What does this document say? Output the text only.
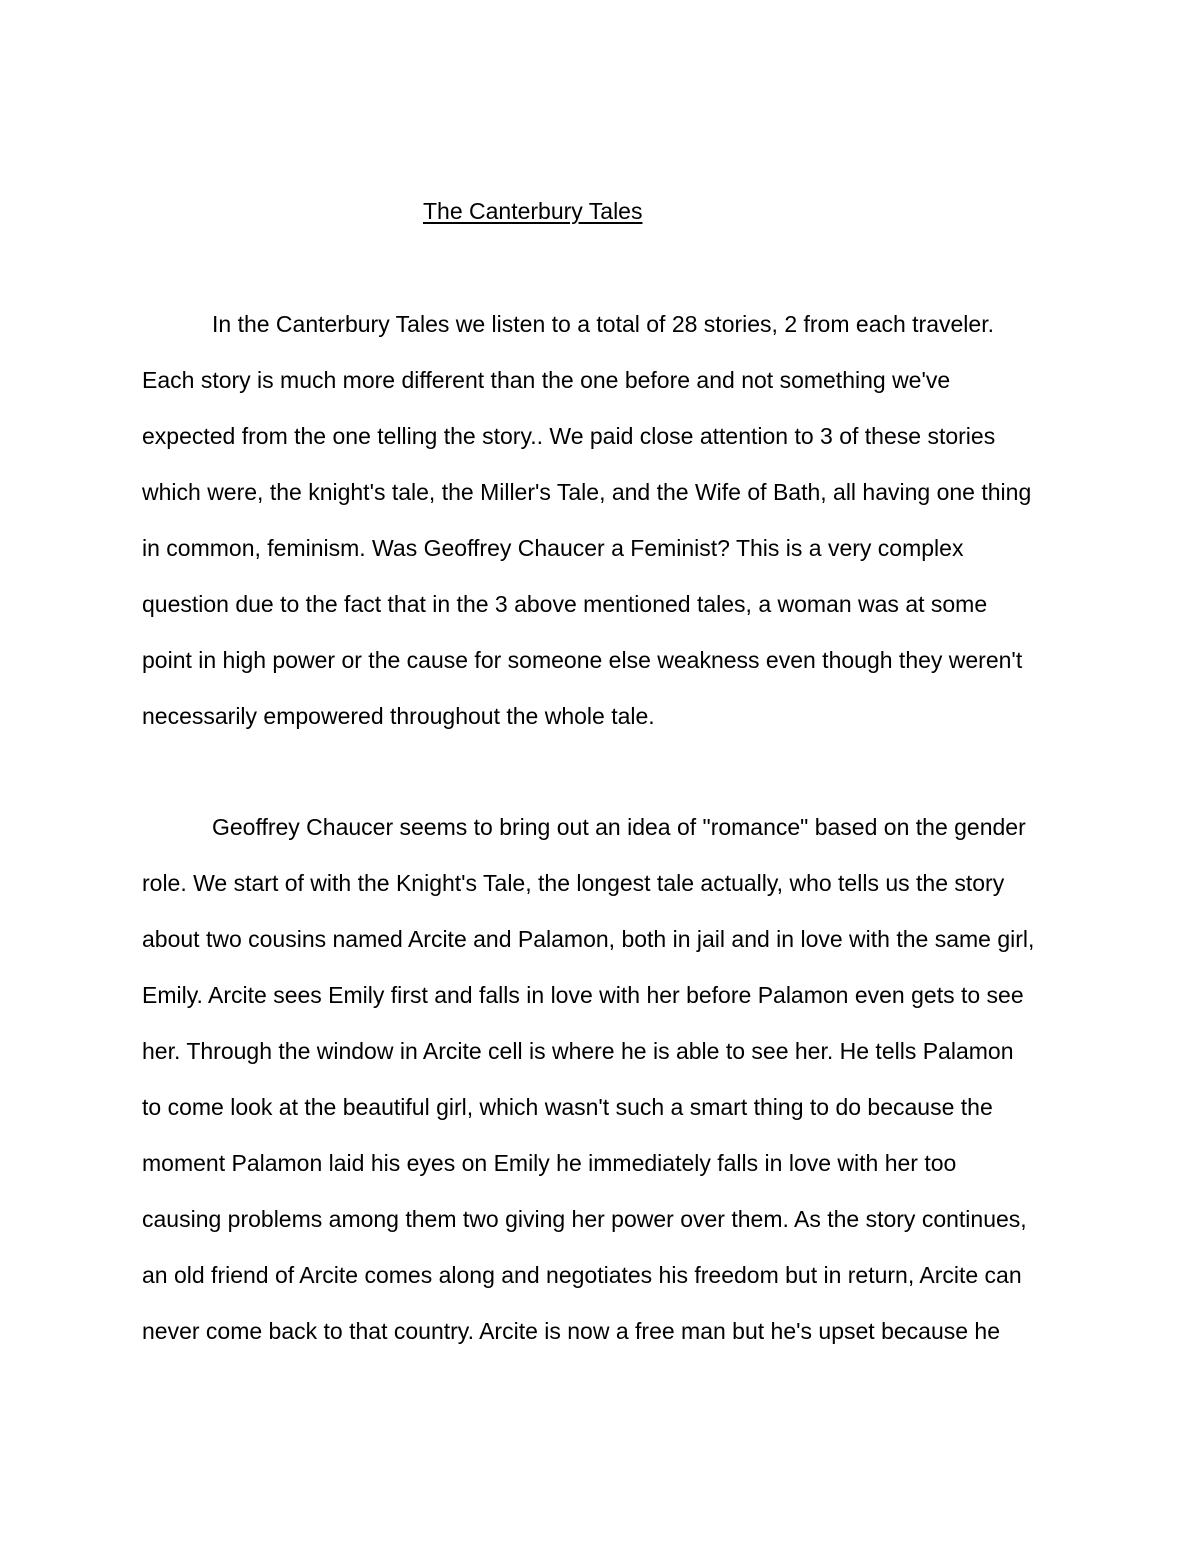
The Canterbury Tales
In the Canterbury Tales we listen to a total of 28 stories, 2 from each traveler.
Each story is much more different than the one before and not something we've
expected from the one telling the story.. We paid close attention to 3 of these stories
which were, the knight's tale, the Miller's Tale, and the Wife of Bath, all having one thing
in common, feminism. Was Geoffrey Chaucer a Feminist? This is a very complex
question due to the fact that in the 3 above mentioned tales, a woman was at some
point in high power or the cause for someone else weakness even though they weren't
necessarily empowered throughout the whole tale.
Geoffrey Chaucer seems to bring out an idea of "romance" based on the gender
role. We start of with the Knight's Tale, the longest tale actually, who tells us the story
about two cousins named Arcite and Palamon, both in jail and in love with the same girl,
Emily. Arcite sees Emily first and falls in love with her before Palamon even gets to see
her. Through the window in Arcite cell is where he is able to see her. He tells Palamon
to come look at the beautiful girl, which wasn't such a smart thing to do because the
moment Palamon laid his eyes on Emily he immediately falls in love with her too
causing problems among them two giving her power over them. As the story continues,
an old friend of Arcite comes along and negotiates his freedom but in return, Arcite can
never come back to that country. Arcite is now a free man but he's upset because he
